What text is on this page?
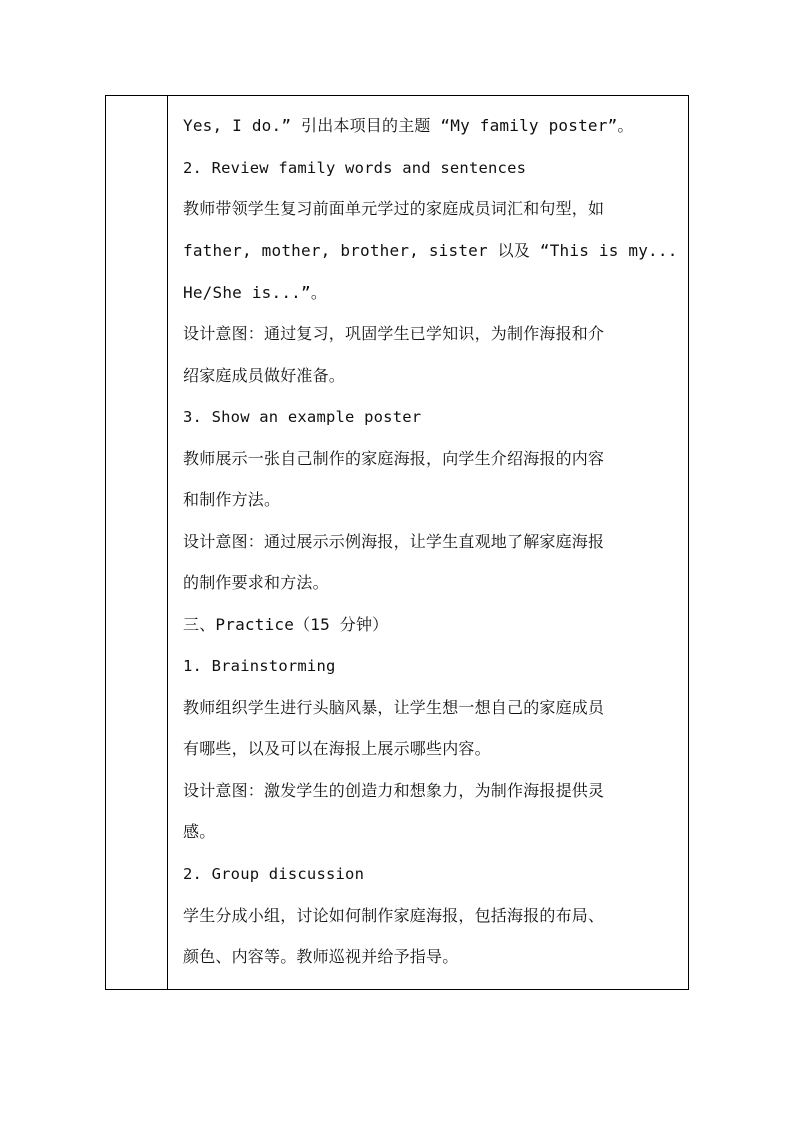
Yes, I do.” 引出本项目的主题 “My family poster”。
2. Review family words and sentences
教师带领学生复习前面单元学过的家庭成员词汇和句型，如
father, mother, brother, sister 以及 “This is my...
He/She is...”。
设计意图：通过复习，巩固学生已学知识，为制作海报和介
绍家庭成员做好准备。
3. Show an example poster
教师展示一张自己制作的家庭海报，向学生介绍海报的内容
和制作方法。
设计意图：通过展示示例海报，让学生直观地了解家庭海报
的制作要求和方法。
三、Practice（15 分钟）
1. Brainstorming
教师组织学生进行头脑风暴，让学生想一想自己的家庭成员
有哪些，以及可以在海报上展示哪些内容。
设计意图：激发学生的创造力和想象力，为制作海报提供灵
感。
2. Group discussion
学生分成小组，讨论如何制作家庭海报，包括海报的布局、
颜色、内容等。教师巡视并给予指导。
